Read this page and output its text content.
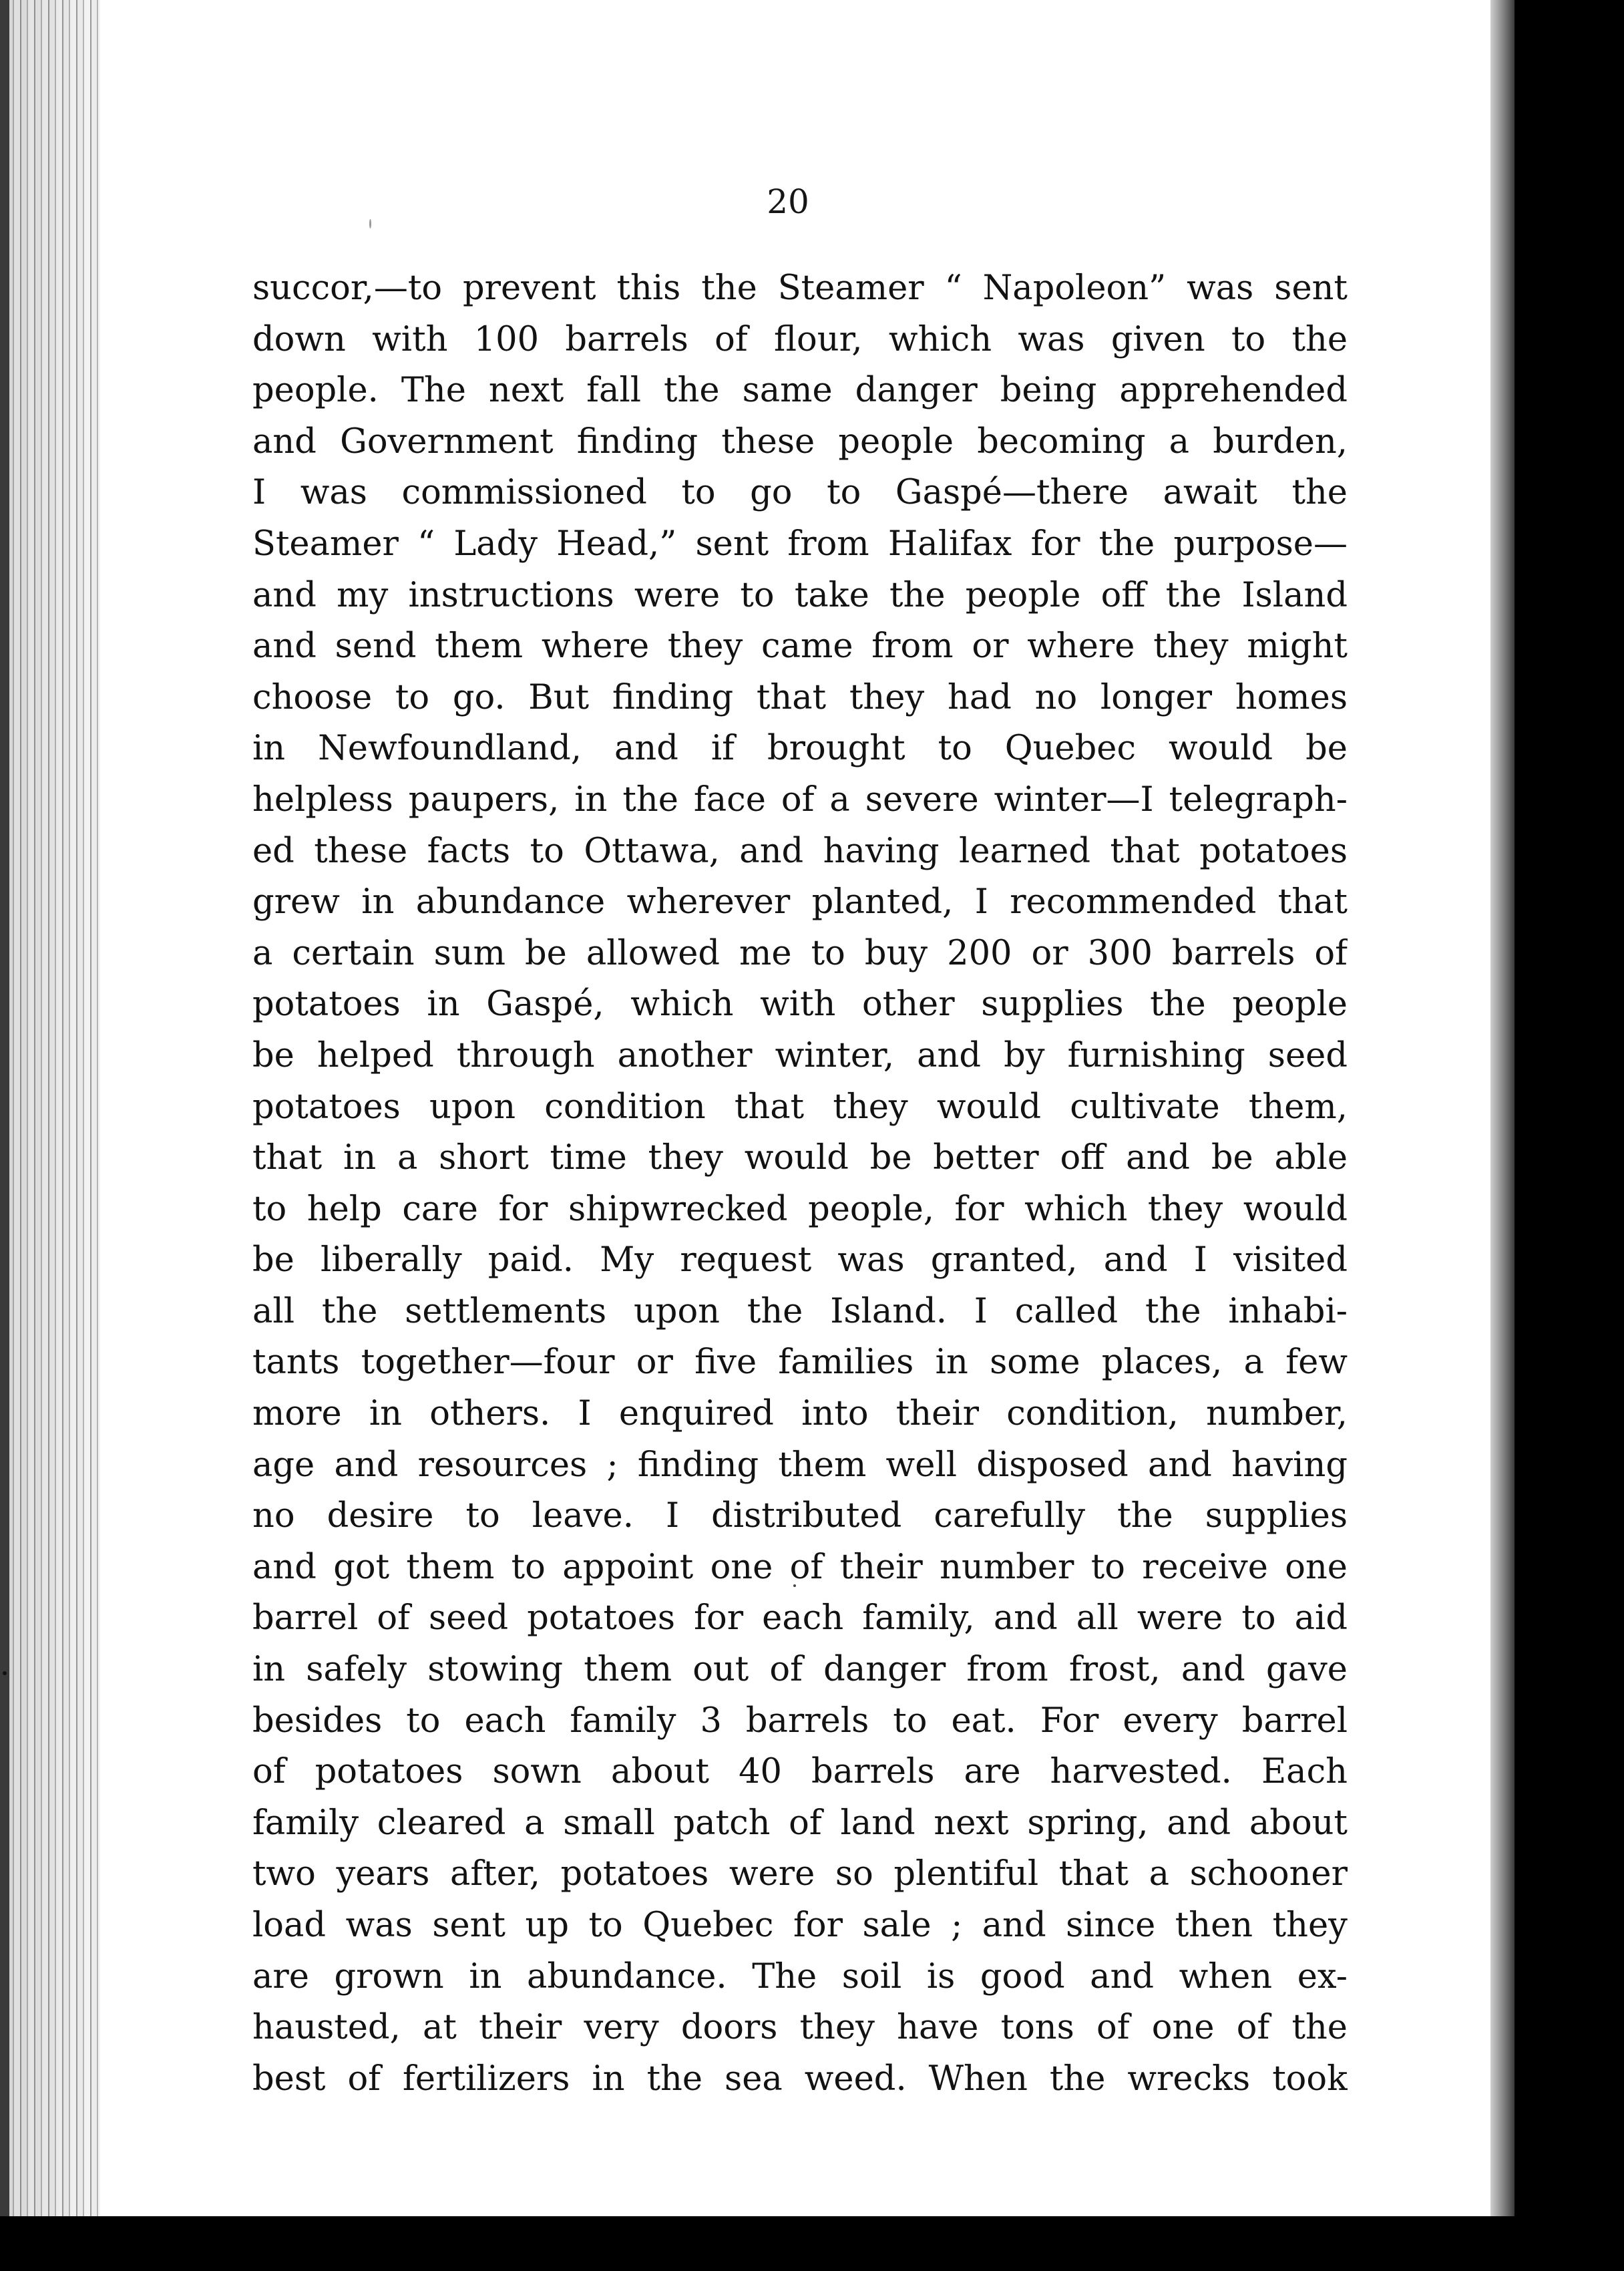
20
succor,—to prevent this the Steamer “ Napoleon” was sent
down with 100 barrels of flour, which was given to the
people. The next fall the same danger being apprehended
and Government finding these people becoming a burden,
I was commissioned to go to Gaspé—there await the
Steamer “ Lady Head,” sent from Halifax for the purpose—
and my instructions were to take the people off the Island
and send them where they came from or where they might
choose to go. But finding that they had no longer homes
in Newfoundland, and if brought to Quebec would be
helpless paupers, in the face of a severe winter—I telegraph-
ed these facts to Ottawa, and having learned that potatoes
grew in abundance wherever planted, I recommended that
a certain sum be allowed me to buy 200 or 300 barrels of
potatoes in Gaspé, which with other supplies the people
be helped through another winter, and by furnishing seed
potatoes upon condition that they would cultivate them,
that in a short time they would be better off and be able
to help care for shipwrecked people, for which they would
be liberally paid. My request was granted, and I visited
all the settlements upon the Island. I called the inhabi-
tants together—four or five families in some places, a few
more in others. I enquired into their condition, number,
age and resources ; finding them well disposed and having
no desire to leave. I distributed carefully the supplies
and got them to appoint one of their number to receive one
barrel of seed potatoes for each family, and all were to aid
in safely stowing them out of danger from frost, and gave
besides to each family 3 barrels to eat. For every barrel
of potatoes sown about 40 barrels are harvested. Each
family cleared a small patch of land next spring, and about
two years after, potatoes were so plentiful that a schooner
load was sent up to Quebec for sale ; and since then they
are grown in abundance. The soil is good and when ex-
hausted, at their very doors they have tons of one of the
best of fertilizers in the sea weed. When the wrecks took
